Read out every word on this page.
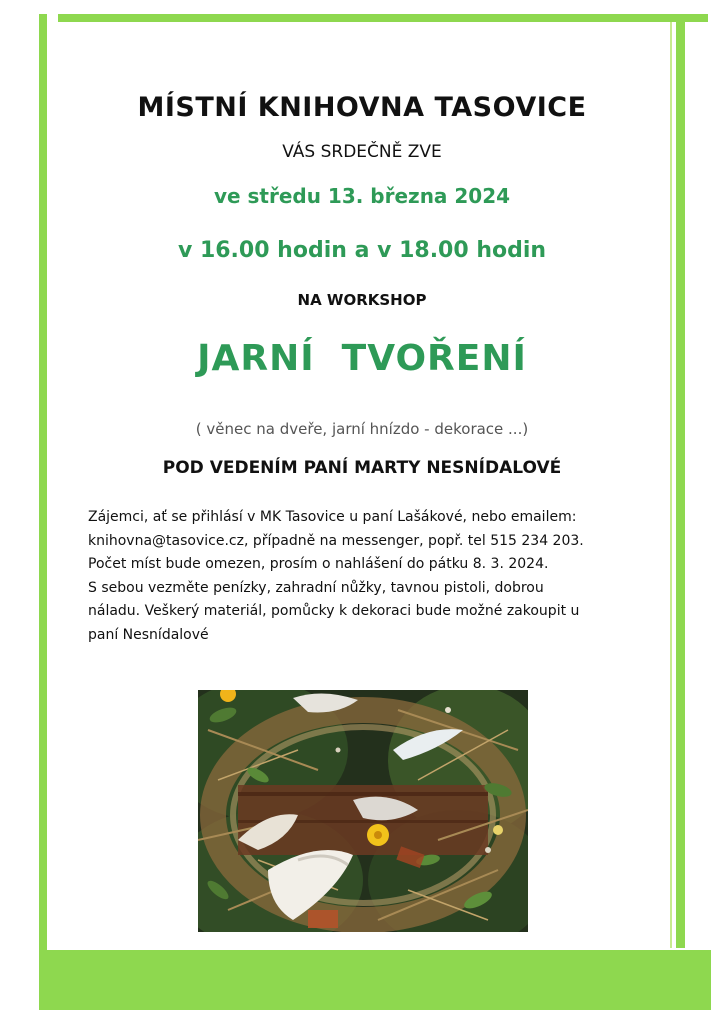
MÍSTNÍ KNIHOVNA TASOVICE
VÁS SRDEČNĚ ZVE
ve středu 13. března 2024
v 16.00 hodin a v 18.00 hodin
NA WORKSHOP
JARNÍ  TVOŘENÍ
( věnec na dveře, jarní hnízdo - dekorace ...)
POD VEDENÍM PANÍ MARTY NESNÍDALOVÉ
Zájemci, ať se přihlásí v MK Tasovice u paní Lašákové, nebo emailem:
knihovna@tasovice.cz, případně na messenger, popř. tel 515 234 203.
Počet míst bude omezen, prosím o nahlášení do pátku 8. 3. 2024.
S sebou vezměte penízky, zahradní nůžky, tavnou pistoli, dobrou
náladu. Veškerý materiál, pomůcky k dekoraci bude možné zakoupit u
paní Nesnídalové
